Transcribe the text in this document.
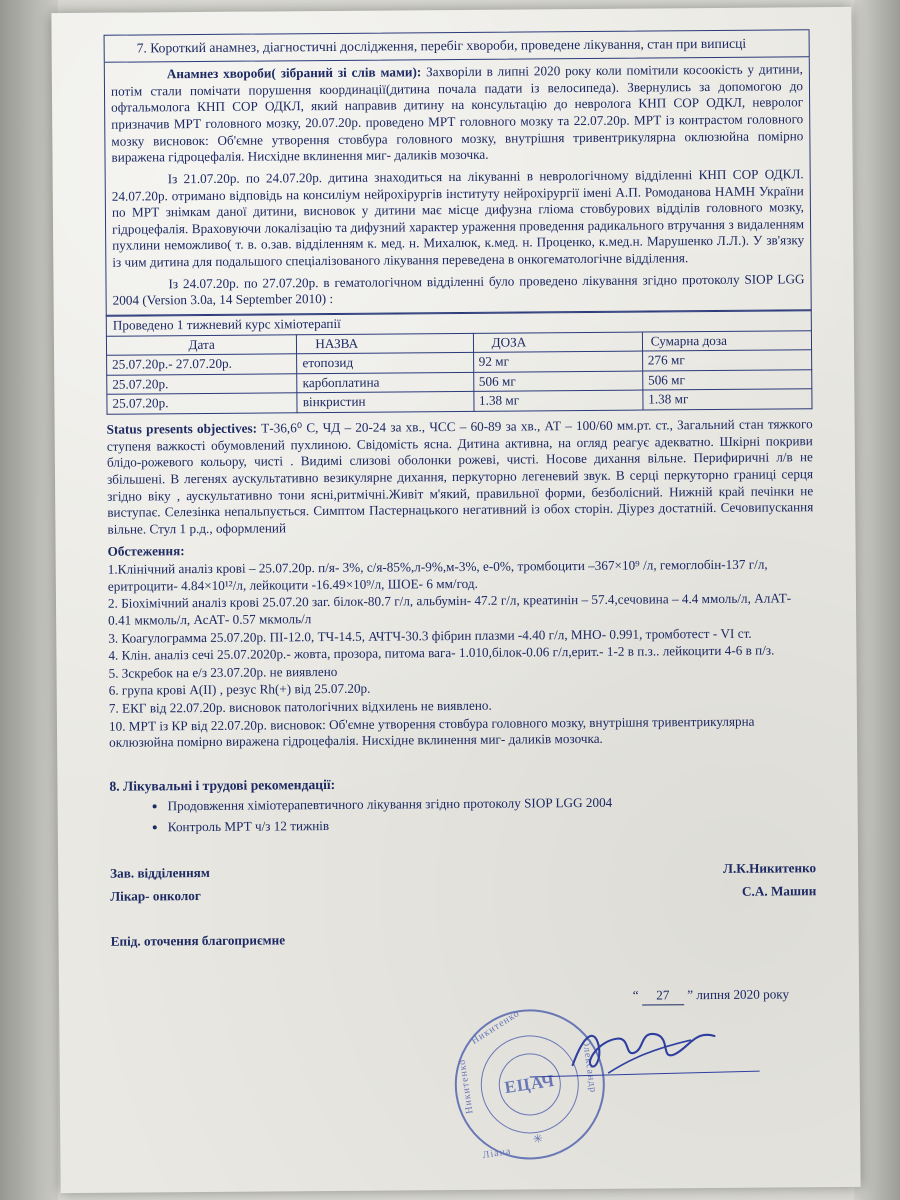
7. Короткий анамнез, діагностичні дослідження, перебіг хвороби, проведене лікування, стан при виписці

Анамнез хвороби( зібраний зі слів мами): Захворіли в липні 2020 року коли помітили косоокість у дитини, потім стали помічати порушення координації(дитина почала падати із велосипеда). Звернулись за допомогою до офтальмолога КНП СОР ОДКЛ, який направив дитину на консультацію до невролога КНП СОР ОДКЛ, невролог призначив МРТ головного мозку, 20.07.20р. проведено МРТ головного мозку та 22.07.20р. МРТ із контрастом головного мозку висновок: Об'ємне утворення стовбура головного мозку, внутрішня тривентрикулярна оклюзюйна помірно виражена гідроцефалія. Нисхідне вклинення миг- даликів мозочка.

Із 21.07.20р. по 24.07.20р. дитина знаходиться на лікуванні в неврологічному відділенні КНП СОР ОДКЛ. 24.07.20р. отримано відповідь на консиліум нейрохірургів інституту нейрохірургії імені А.П. Ромоданова НАМН України по МРТ знімкам даної дитини, висновок у дитини має місце дифузна гліома стовбурових відділів головного мозку, гідроцефалія. Враховуючи локалізацію та дифузний характер ураження проведення радикального втручання з видаленням пухлини неможливо( т. в. о.зав. відділенням к. мед. н. Михалюк, к.мед. н. Проценко, к.мед.н. Марушенко Л.Л.). У зв'язку із чим дитина для подальшого спеціалізованого лікування переведена в онкогематологічне відділення.

Із 24.07.20р. по 27.07.20р. в гематологічном відділенні було проведено лікування згідно протоколу SIOP LGG 2004 (Version 3.0a, 14 September 2010) :

Проведено 1 тижневий курс хіміотерапії
Дата	НАЗВА	ДОЗА	Сумарна доза
25.07.20р.- 27.07.20р.	етопозид	92 мг	276 мг
25.07.20р.	карбоплатина	506 мг	506 мг
25.07.20р.	вінкристин	1.38 мг	1.38 мг

Status presents objectives: Т-36,6⁰ С, ЧД – 20-24 за хв., ЧСС – 60-89 за хв., АТ – 100/60 мм.рт. ст., Загальний стан тяжкого ступеня важкості обумовлений пухлиною. Свідомість ясна. Дитина активна, на огляд реагує адекватно. Шкірні покриви блідо-рожевого кольору, чисті . Видимі слизові оболонки рожеві, чисті. Носове дихання вільне. Перифиричні л/в не збільшені. В легенях аускультативно везикулярне дихання, перкуторно легеневий звук. В серці перкуторно границі серця згідно віку , аускультативно тони ясні,ритмічні.Живіт м'який, правильної форми, безболісний. Нижній край печінки не виступає. Селезінка непальпується. Симптом Пастернацького негативний із обох сторін. Діурез достатній. Сечовипускання вільне. Стул 1 р.д., оформлений

Обстеження:
1.Клінічний аналіз крові – 25.07.20р. п/я- 3%, с/я-85%,л-9%,м-3%, е-0%, тромбоцити –367×10⁹ /л, гемоглобін-137 г/л, еритроцити- 4.84×10¹²/л, лейкоцити -16.49×10⁹/л, ШОЕ- 6 мм/год.
2. Біохімічний аналіз крові 25.07.20 заг. білок-80.7 г/л, альбумін- 47.2 г/л, креатинін – 57.4,сечовина – 4.4 ммоль/л, АлАТ- 0.41 мкмоль/л, АсАТ- 0.57 мкмоль/л
3. Коагулограмма 25.07.20р. ПІ-12.0, ТЧ-14.5, АЧТЧ-30.3 фібрин плазми -4.40 г/л, МНО- 0.991, тромботест - VI ст.
4. Клін. аналіз сечі 25.07.2020р.- жовта, прозора, питома вага- 1.010,білок-0.06 г/л,ерит.- 1-2 в п.з.. лейкоцити 4-6 в п/з.
5. Зскребок на е/з 23.07.20р. не виявлено
6. група крові А(ІІ) , резус Rh(+) від 25.07.20р.
7. ЕКГ від 22.07.20р. висновок патологічних відхилень не виявлено.
10. МРТ із КР від 22.07.20р. висновок: Об'ємне утворення стовбура головного мозку, внутрішня тривентрикулярна оклюзюйна помірно виражена гідроцефалія. Нисхідне вклинення миг- даликів мозочка.
8. Лікувальні і трудові рекомендації:
• Продовження хіміотерапевтичного лікування згідно протоколу SIOP LGG 2004
• Контроль МРТ ч/з 12 тижнів
Зав. відділенням	Л.К.Никитенко
Лікар- онколог	С.А. Машин
Епід. оточення благоприємне
“ 27 ” липня 2020 року
ЕЦАЧ
Никитенко
Ліана
Никитенко	Олександр
✳
